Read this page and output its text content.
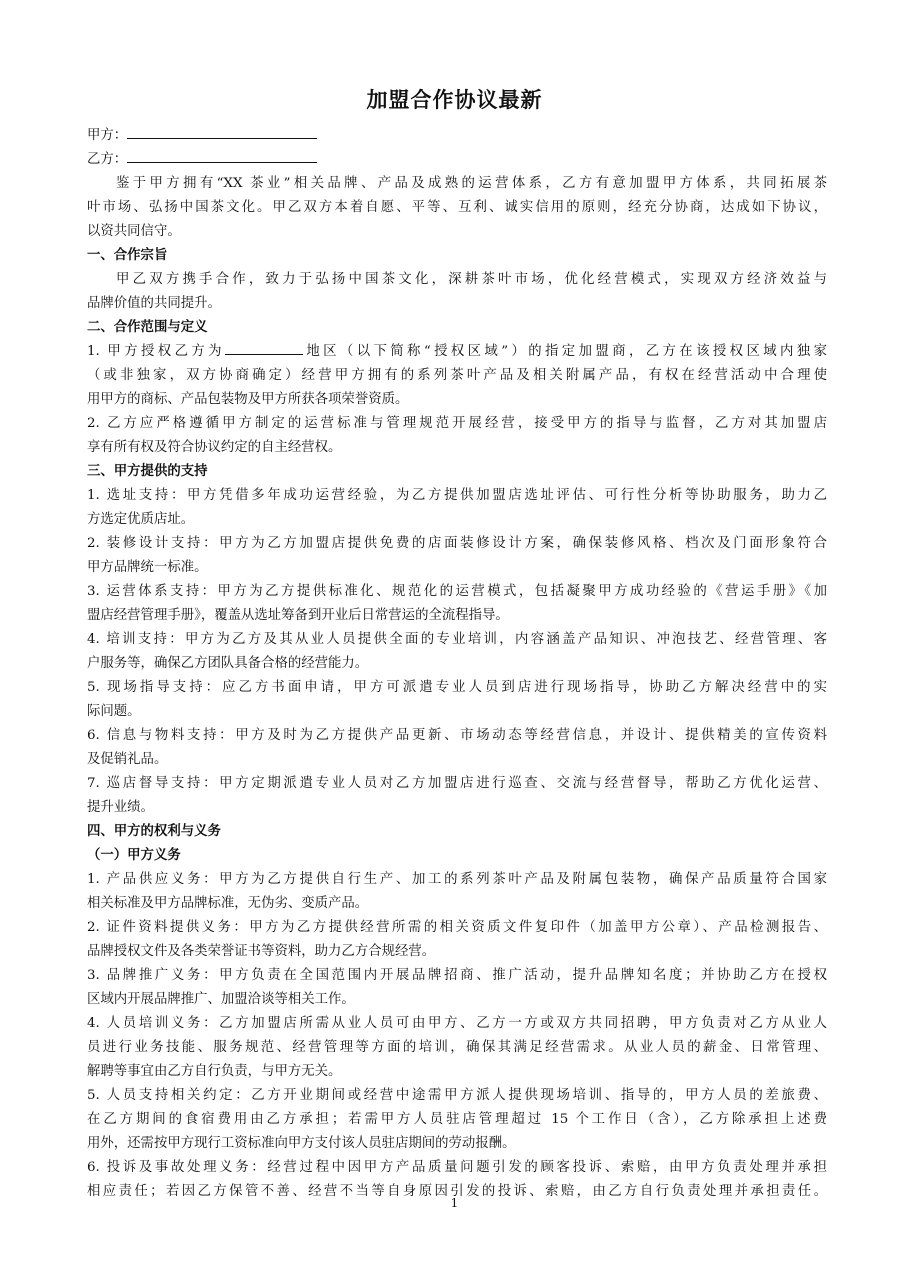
加盟合作协议最新
甲方：
乙方：
鉴于甲方拥有“XX 茶业”相关品牌、产品及成熟的运营体系，乙方有意加盟甲方体系，共同拓展茶
叶市场、弘扬中国茶文化。甲乙双方本着自愿、平等、互利、诚实信用的原则，经充分协商，达成如下协议，
以资共同信守。
一、合作宗旨
甲乙双方携手合作，致力于弘扬中国茶文化，深耕茶叶市场，优化经营模式，实现双方经济效益与
品牌价值的共同提升。
二、合作范围与定义
1. 甲方授权乙方为	地区（以下简称“授权区域”）的指定加盟商，乙方在该授权区域内独家
（或非独家，双方协商确定）经营甲方拥有的系列茶叶产品及相关附属产品，有权在经营活动中合理使
用甲方的商标、产品包装物及甲方所获各项荣誉资质。
2. 乙方应严格遵循甲方制定的运营标准与管理规范开展经营，接受甲方的指导与监督，乙方对其加盟店
享有所有权及符合协议约定的自主经营权。
三、甲方提供的支持
1. 选址支持：甲方凭借多年成功运营经验，为乙方提供加盟店选址评估、可行性分析等协助服务，助力乙
方选定优质店址。
2. 装修设计支持：甲方为乙方加盟店提供免费的店面装修设计方案，确保装修风格、档次及门面形象符合
甲方品牌统一标准。
3. 运营体系支持：甲方为乙方提供标准化、规范化的运营模式，包括凝聚甲方成功经验的《营运手册》《加
盟店经营管理手册》，覆盖从选址筹备到开业后日常营运的全流程指导。
4. 培训支持：甲方为乙方及其从业人员提供全面的专业培训，内容涵盖产品知识、冲泡技艺、经营管理、客
户服务等，确保乙方团队具备合格的经营能力。
5. 现场指导支持：应乙方书面申请，甲方可派遣专业人员到店进行现场指导，协助乙方解决经营中的实
际问题。
6. 信息与物料支持：甲方及时为乙方提供产品更新、市场动态等经营信息，并设计、提供精美的宣传资料
及促销礼品。
7. 巡店督导支持：甲方定期派遣专业人员对乙方加盟店进行巡查、交流与经营督导，帮助乙方优化运营、
提升业绩。
四、甲方的权利与义务
（一）甲方义务
1. 产品供应义务：甲方为乙方提供自行生产、加工的系列茶叶产品及附属包装物，确保产品质量符合国家
相关标准及甲方品牌标准，无伪劣、变质产品。
2. 证件资料提供义务：甲方为乙方提供经营所需的相关资质文件复印件（加盖甲方公章）、产品检测报告、
品牌授权文件及各类荣誉证书等资料，助力乙方合规经营。
3. 品牌推广义务：甲方负责在全国范围内开展品牌招商、推广活动，提升品牌知名度；并协助乙方在授权
区域内开展品牌推广、加盟洽谈等相关工作。
4. 人员培训义务：乙方加盟店所需从业人员可由甲方、乙方一方或双方共同招聘，甲方负责对乙方从业人
员进行业务技能、服务规范、经营管理等方面的培训，确保其满足经营需求。从业人员的薪金、日常管理、
解聘等事宜由乙方自行负责，与甲方无关。
5. 人员支持相关约定：乙方开业期间或经营中途需甲方派人提供现场培训、指导的，甲方人员的差旅费、
在乙方期间的食宿费用由乙方承担；若需甲方人员驻店管理超过 15 个工作日（含），乙方除承担上述费
用外，还需按甲方现行工资标准向甲方支付该人员驻店期间的劳动报酬。
6. 投诉及事故处理义务：经营过程中因甲方产品质量问题引发的顾客投诉、索赔，由甲方负责处理并承担
相应责任；若因乙方保管不善、经营不当等自身原因引发的投诉、索赔，由乙方自行负责处理并承担责任。
1
